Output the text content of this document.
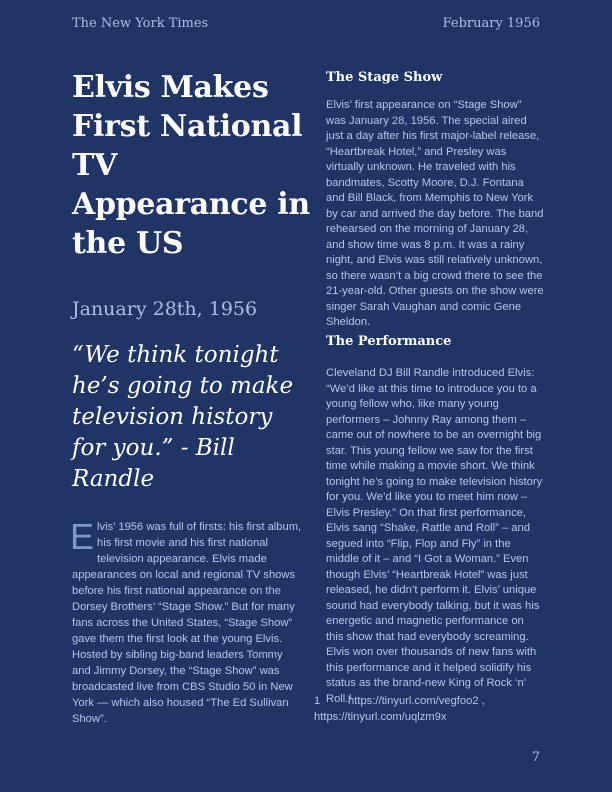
The New York Times	February 1956
Elvis Makes First National TV Appearance in the US
January 28th, 1956
“We think tonight he’s going to make television history for you.” - Bill Randle

Elvis’ 1956 was full of firsts: his first album, his first movie and his first national television appearance. Elvis made appearances on local and regional TV shows before his first national appearance on the Dorsey Brothers’ “Stage Show.” But for many fans across the United States, “Stage Show” gave them the first look at the young Elvis. Hosted by sibling big-band leaders Tommy and Jimmy Dorsey, the “Stage Show” was broadcasted live from CBS Studio 50 in New York — which also housed “The Ed Sullivan Show”.

The Stage Show

Elvis’ first appearance on “Stage Show” was January 28, 1956. The special aired just a day after his first major-label release, “Heartbreak Hotel,” and Presley was virtually unknown. He traveled with his bandmates, Scotty Moore, D.J. Fontana and Bill Black, from Memphis to New York by car and arrived the day before. The band rehearsed on the morning of January 28, and show time was 8 p.m. It was a rainy night, and Elvis was still relatively unknown, so there wasn’t a big crowd there to see the 21-year-old. Other guests on the show were singer Sarah Vaughan and comic Gene Sheldon.

The Performance

Cleveland DJ Bill Randle introduced Elvis: “We’d like at this time to introduce you to a young fellow who, like many young performers – Johnny Ray among them – came out of nowhere to be an overnight big star. This young fellow we saw for the first time while making a movie short. We think tonight he’s going to make television history for you. We’d like you to meet him now – Elvis Presley.” On that first performance, Elvis sang “Shake, Rattle and Roll” – and segued into “Flip, Flop and Fly” in the middle of it – and “I Got a Woman.” Even though Elvis’ “Heartbreak Hotel” was just released, he didn’t perform it. Elvis’ unique sound had everybody talking, but it was his energetic and magnetic performance on this show that had everybody screaming. Elvis won over thousands of new fans with this performance and it helped solidify his status as the brand-new King of Rock ‘n’ Roll.¹

1 https://tinyurl.com/vegfoo2 , https://tinyurl.com/uqlzm9x
7
